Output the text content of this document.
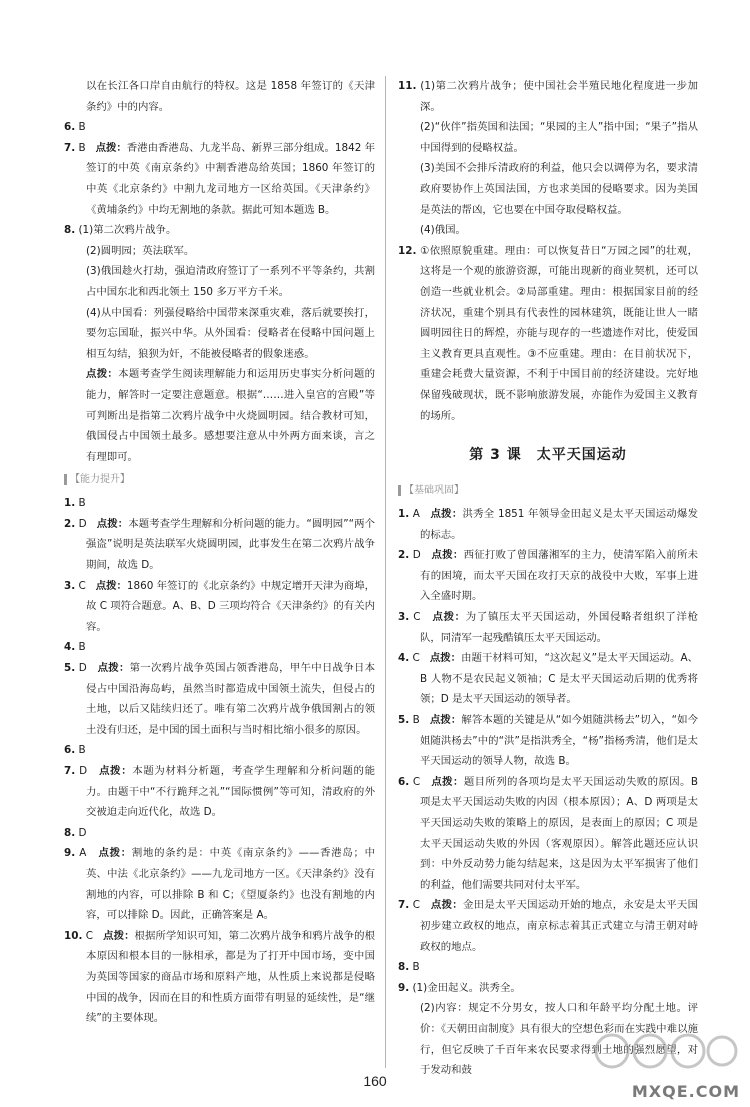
以在长江各口岸自由航行的特权。这是 1858 年签订的《天津条约》中的内容。

6. B

7. B 点拨：香港由香港岛、九龙半岛、新界三部分组成。1842 年签订的中英《南京条约》中割香港岛给英国；1860 年签订的中英《北京条约》中割九龙司地方一区给英国。《天津条约》《黄埔条约》中均无割地的条款。据此可知本题选 B。

8. (1)第二次鸦片战争。

(2)圆明园；英法联军。

(3)俄国趁火打劫，强迫清政府签订了一系列不平等条约，共割占中国东北和西北领土 150 多万平方千米。

(4)从中国看：列强侵略给中国带来深重灾难，落后就要挨打，要勿忘国耻，振兴中华。从外国看：侵略者在侵略中国问题上相互勾结，狼狈为奸，不能被侵略者的假象迷惑。

点拨：本题考查学生阅读理解能力和运用历史事实分析问题的能力，解答时一定要注意题意。根据“……进入皇宫的宫殿”等可判断出是指第二次鸦片战争中火烧圆明园。结合教材可知，俄国侵占中国领土最多。感想要注意从中外两方面来谈，言之有理即可。

【能力提升】

1. B

2. D 点拨：本题考查学生理解和分析问题的能力。“圆明园”“两个强盗”说明是英法联军火烧圆明园，此事发生在第二次鸦片战争期间，故选 D。

3. C 点拨：1860 年签订的《北京条约》中规定增开天津为商埠，故 C 项符合题意。A、B、D 三项均符合《天津条约》的有关内容。

4. B

5. D 点拨：第一次鸦片战争英国占领香港岛，甲午中日战争日本侵占中国沿海岛屿，虽然当时都造成中国领土流失，但侵占的土地，以后又陆续归还了。唯有第二次鸦片战争俄国割占的领土没有归还，是中国的国土面积与当时相比缩小很多的原因。

6. B

7. D 点拨：本题为材料分析题，考查学生理解和分析问题的能力。由题干中“不行跪拜之礼”“国际惯例”等可知，清政府的外交被迫走向近代化，故选 D。

8. D

9. A 点拨：割地的条约是：中英《南京条约》——香港岛；中英、中法《北京条约》——九龙司地方一区。《天津条约》没有割地的内容，可以排除 B 和 C；《望厦条约》也没有割地的内容，可以排除 D。因此，正确答案是 A。

10. C 点拨：根据所学知识可知，第二次鸦片战争和鸦片战争的根本原因和根本目的一脉相承，都是为了打开中国市场，变中国为英国等国家的商品市场和原料产地，从性质上来说都是侵略中国的战争，因而在目的和性质方面带有明显的延续性，是“继续”的主要体现。

11. (1)第二次鸦片战争；使中国社会半殖民地化程度进一步加深。

(2)“伙伴”指英国和法国；“果园的主人”指中国；“果子”指从中国得到的侵略权益。

(3)美国不会排斥清政府的利益，他只会以调停为名，要求清政府要协作上英国法国，方也求美国的侵略要求。因为美国是英法的帮凶，它也要在中国夺取侵略权益。

(4)俄国。

12. ①依照原貌重建。理由：可以恢复昔日“万园之园”的壮观，这将是一个观的旅游资源，可能出现新的商业契机，还可以创造一些就业机会。②局部重建。理由：根据国家目前的经济状况，重建个别具有代表性的园林建筑，既能让世人一睹圆明园往日的辉煌，亦能与现存的一些遗迹作对比，使爱国主义教育更具直观性。③不应重建。理由：在目前状况下，重建会耗费大量资源，不利于中国目前的经济建设。完好地保留残破现状，既不影响旅游发展，亦能作为爱国主义教育的场所。

第 3 课　太平天国运动
【基础巩固】

1. A 点拨：洪秀全 1851 年领导金田起义是太平天国运动爆发的标志。

2. D 点拨：西征打败了曾国藩湘军的主力，使清军陷入前所未有的困境，而太平天国在攻打天京的战役中大败，军事上进入全盛时期。

3. C 点拨：为了镇压太平天国运动，外国侵略者组织了洋枪队，同清军一起残酷镇压太平天国运动。

4. C 点拨：由题干材料可知，“这次起义”是太平天国运动。A、B 人物不是农民起义领袖；C 是太平天国运动后期的优秀将领；D 是太平天国运动的领导者。

5. B 点拨：解答本题的关键是从“如今姐随洪杨去”切入，“如今姐随洪杨去”中的“洪”是指洪秀全，“杨”指杨秀清，他们是太平天国运动的领导人物，故选 B。

6. C 点拨：题目所列的各项均是太平天国运动失败的原因。B 项是太平天国运动失败的内因（根本原因）；A、D 两项是太平天国运动失败的策略上的原因，是表面上的原因；C 项是太平天国运动失败的外因（客观原因）。解答此题还应认识到：中外反动势力能勾结起来，这是因为太平军损害了他们的利益，他们需要共同对付太平军。

7. C 点拨：金田是太平天国运动开始的地点，永安是太平天国初步建立政权的地点，南京标志着其正式建立与清王朝对峙政权的地点。

8. B

9. (1)金田起义。洪秀全。

(2)内容：规定不分男女，按人口和年龄平均分配土地。评价：《天朝田亩制度》具有很大的空想色彩而在实践中难以施行，但它反映了千百年来农民要求得到土地的强烈愿望，对于发动和鼓

160
MXQE.COM
